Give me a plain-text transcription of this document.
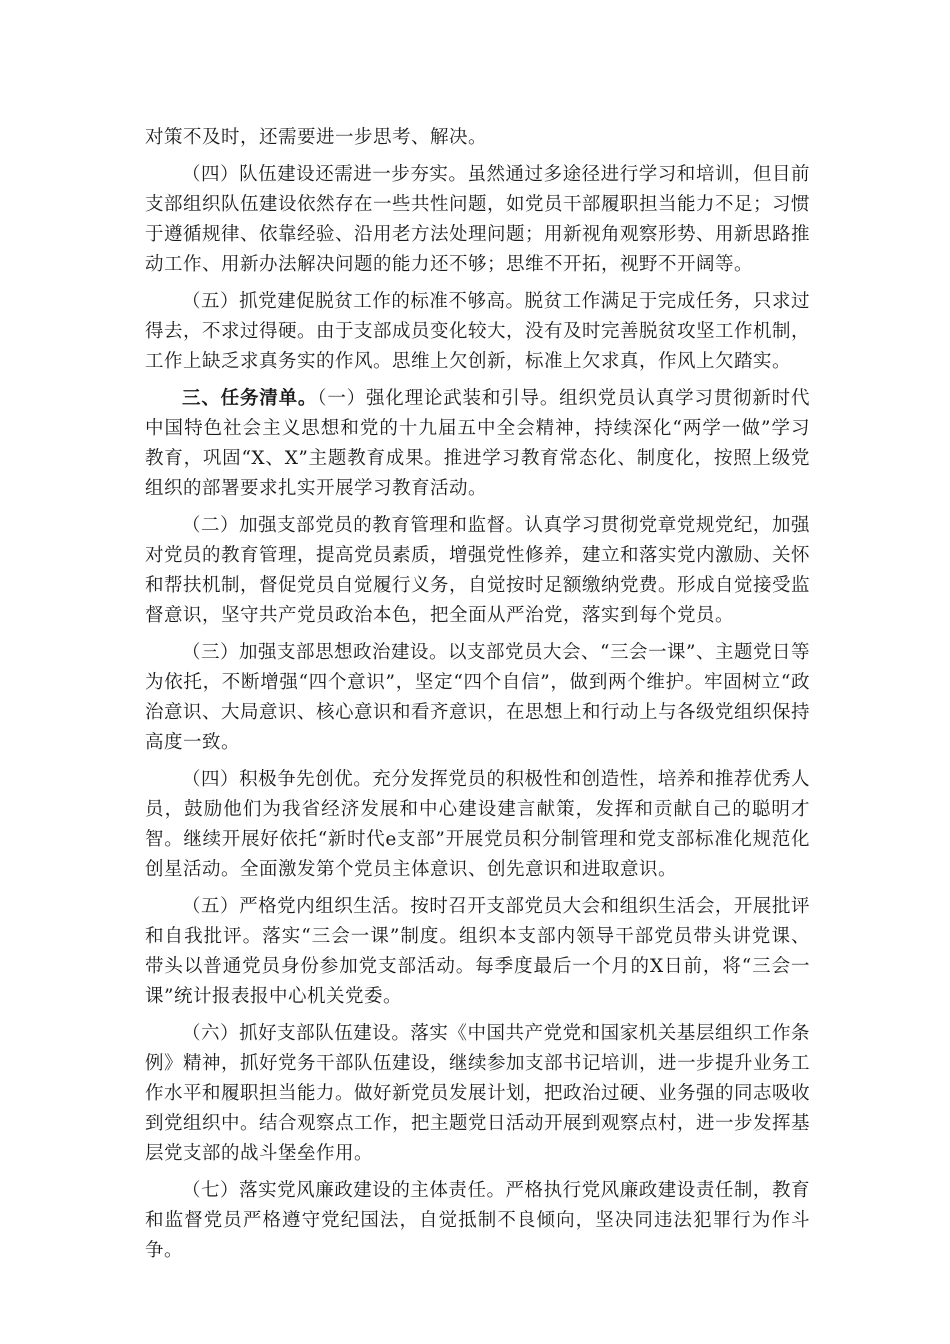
对策不及时，还需要进一步思考、解决。

（四）队伍建设还需进一步夯实。虽然通过多途径进行学习和培训，但目前支部组织队伍建设依然存在一些共性问题，如党员干部履职担当能力不足；习惯于遵循规律、依靠经验、沿用老方法处理问题；用新视角观察形势、用新思路推动工作、用新办法解决问题的能力还不够；思维不开拓，视野不开阔等。

（五）抓党建促脱贫工作的标准不够高。脱贫工作满足于完成任务，只求过得去，不求过得硬。由于支部成员变化较大，没有及时完善脱贫攻坚工作机制，工作上缺乏求真务实的作风。思维上欠创新，标准上欠求真，作风上欠踏实。

三、任务清单。（一）强化理论武装和引导。组织党员认真学习贯彻新时代中国特色社会主义思想和党的十九届五中全会精神，持续深化“两学一做”学习教育，巩固“X、X”主题教育成果。推进学习教育常态化、制度化，按照上级党组织的部署要求扎实开展学习教育活动。

（二）加强支部党员的教育管理和监督。认真学习贯彻党章党规党纪，加强对党员的教育管理，提高党员素质，增强党性修养，建立和落实党内激励、关怀和帮扶机制，督促党员自觉履行义务，自觉按时足额缴纳党费。形成自觉接受监督意识，坚守共产党员政治本色，把全面从严治党，落实到每个党员。

（三）加强支部思想政治建设。以支部党员大会、“三会一课”、主题党日等为依托，不断增强“四个意识”，坚定“四个自信”，做到两个维护。牢固树立“政治意识、大局意识、核心意识和看齐意识，在思想上和行动上与各级党组织保持高度一致。

（四）积极争先创优。充分发挥党员的积极性和创造性，培养和推荐优秀人员，鼓励他们为我省经济发展和中心建设建言献策，发挥和贡献自己的聪明才智。继续开展好依托“新时代e支部”开展党员积分制管理和党支部标准化规范化创星活动。全面激发第个党员主体意识、创先意识和进取意识。

（五）严格党内组织生活。按时召开支部党员大会和组织生活会，开展批评和自我批评。落实“三会一课”制度。组织本支部内领导干部党员带头讲党课、带头以普通党员身份参加党支部活动。每季度最后一个月的X日前，将“三会一课”统计报表报中心机关党委。

（六）抓好支部队伍建设。落实《中国共产党党和国家机关基层组织工作条例》精神，抓好党务干部队伍建设，继续参加支部书记培训，进一步提升业务工作水平和履职担当能力。做好新党员发展计划，把政治过硬、业务强的同志吸收到党组织中。结合观察点工作，把主题党日活动开展到观察点村，进一步发挥基层党支部的战斗堡垒作用。

（七）落实党风廉政建设的主体责任。严格执行党风廉政建设责任制，教育和监督党员严格遵守党纪国法，自觉抵制不良倾向，坚决同违法犯罪行为作斗争。
